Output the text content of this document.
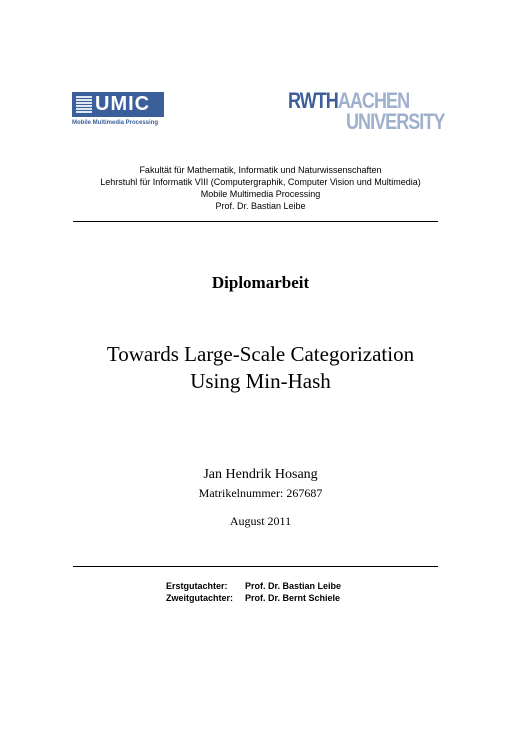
UMIC
Mobile Multimedia Processing
RWTHAACHEN
UNIVERSITY
Fakultät für Mathematik, Informatik und Naturwissenschaften
Lehrstuhl für Informatik VIII (Computergraphik, Computer Vision und Multimedia)
Mobile Multimedia Processing
Prof. Dr. Bastian Leibe
Diplomarbeit
Towards Large-Scale Categorization
Using Min-Hash
Jan Hendrik Hosang
Matrikelnummer: 267687
August 2011
Erstgutachter:	Prof. Dr. Bastian Leibe
Zweitgutachter:	Prof. Dr. Bernt Schiele
